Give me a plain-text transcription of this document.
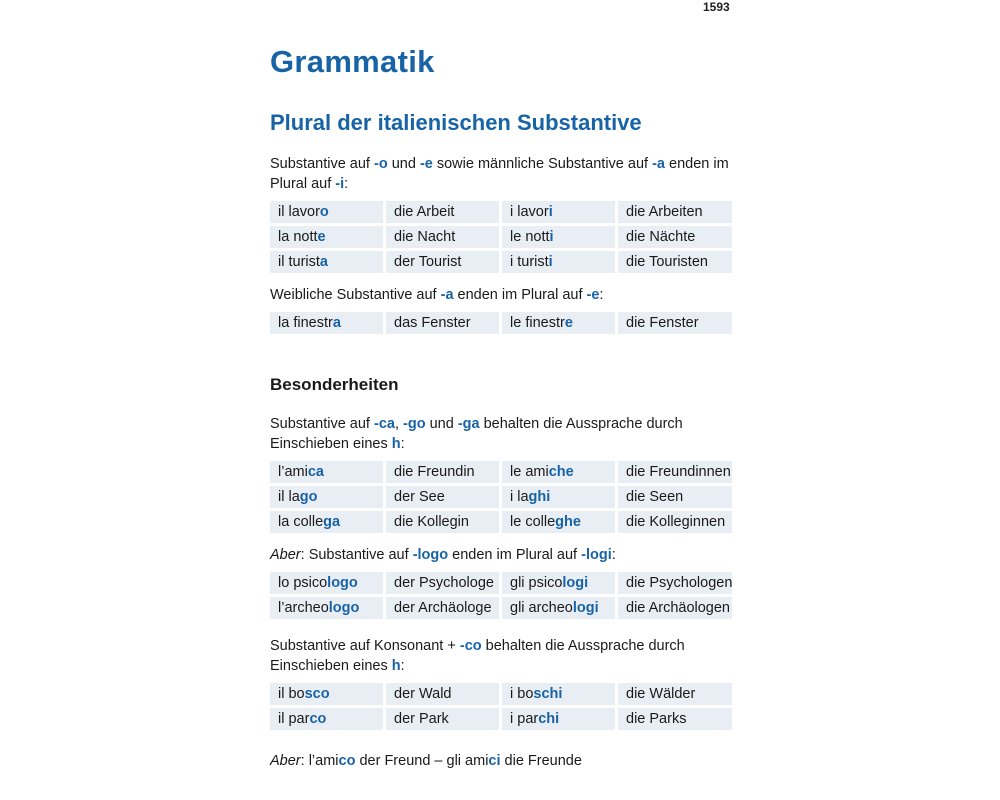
1593
Grammatik
Plural der italienischen Substantive
Substantive auf -o und -e sowie männliche Substantive auf -a enden im Plural auf -i:
il lavoro	die Arbeit	i lavori	die Arbeiten
la notte	die Nacht	le notti	die Nächte
il turista	der Tourist	i turisti	die Touristen
Weibliche Substantive auf -a enden im Plural auf -e:
la finestra	das Fenster	le finestre	die Fenster
Besonderheiten
Substantive auf -ca, -go und -ga behalten die Aussprache durch Einschieben eines h:
l’amica	die Freundin	le amiche	die Freundinnen
il lago	der See	i laghi	die Seen
la collega	die Kollegin	le colleghe	die Kolleginnen
Aber: Substantive auf -logo enden im Plural auf -logi:
lo psicologo	der Psychologe	gli psicologi	die Psychologen
l’archeologo	der Archäologe	gli archeologi	die Archäologen
Substantive auf Konsonant + -co behalten die Aussprache durch Einschieben eines h:
il bosco	der Wald	i boschi	die Wälder
il parco	der Park	i parchi	die Parks
Aber: l’amico der Freund – gli amici die Freunde
